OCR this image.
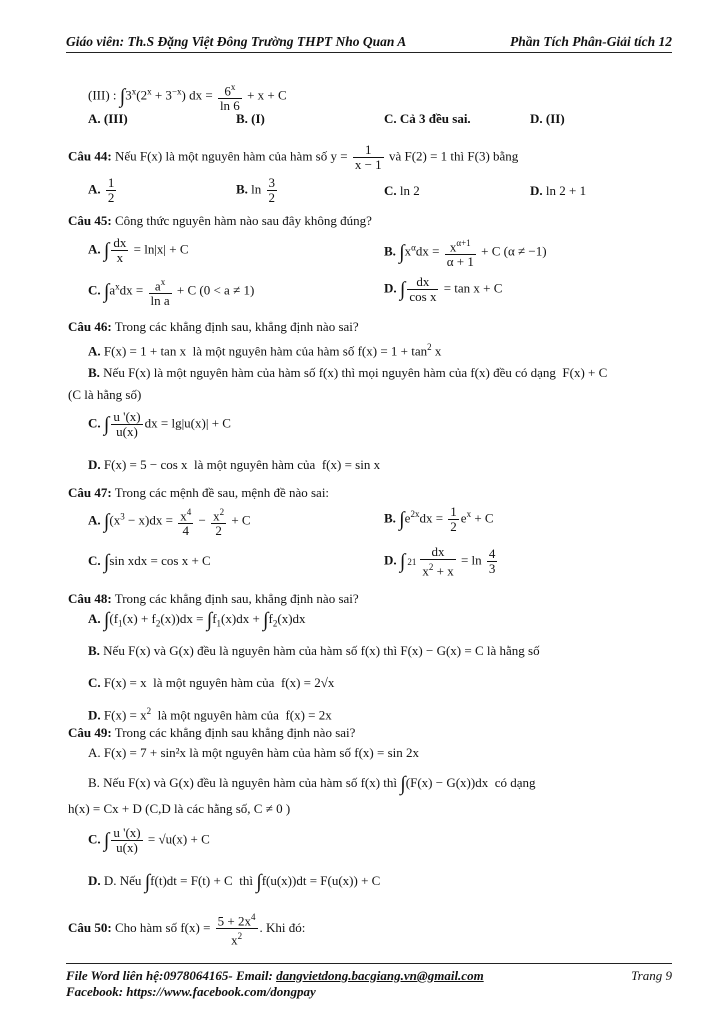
Giáo viên: Th.S Đặng Việt Đông Trường THPT Nho Quan A	Phần Tích Phân-Giải tích 12
(III) : $\int 3^x(2^x + 3^{-x})$ dx = $\frac{6^x}{\ln 6} + x + C$
A. (III)	B. (I)	C. Cả 3 đều sai.	D. (II)
Câu 44: Nếu F(x) là một nguyên hàm của hàm số $y = \frac{1}{x - 1}$ và F(2) = 1 thì F(3) bằng
A. $\frac{1}{2}$	B. $\ln \frac{3}{2}$	C. ln 2	D. ln 2 + 1
Câu 45: Công thức nguyên hàm nào sau đây không đúng?
A. ∫ $\frac{dx}{x} = \ln|x| + C$	B. $\int x^\alpha dx = \frac{x^{\alpha+1}}{\alpha + 1} + C$ (α ≠ −1)
C. $\int a^xdx = \frac{a^x}{\text{ln a}} + C$ (0 < a ≠ 1)	D. ∫ $\frac{dx}{\text{cos x}} = \tan x + C$
Câu 46: Trong các khẳng định sau, khẳng định nào sai?
A. F(x) = 1 + tan x  là một nguyên hàm của hàm số $f(x) = 1 + \tan^2 x$
B. Nếu F(x) là một nguyên hàm của hàm số f(x) thì mọi nguyên hàm của f(x) đều có dạng  F(x) + C
(C là hằng số)
C. ∫ $\frac{u '(x)}{u(x)}$ dx = lg|u(x)| + C
D. F(x) = 5 − cos x  là một nguyên hàm của  f(x) = sin x
Câu 47: Trong các mệnh đề sau, mệnh đề nào sai:
A. $\int(x^3 - x)dx = \frac{x^4}{4} - \frac{x^2}{2} + C$	B. $\int e^{2x}dx = \frac{1}{2} e^x + C$
C. ∫sin xdx = cos x + C	D. ∫ $21 \frac{dx}{x^2 + x} = \ln \frac{4}{3}$
Câu 48: Trong các khẳng định sau, khẳng định nào sai?
A. $\int(f_1(x) + f_2(x))dx = \int f_1(x)dx + \int f_2(x)dx$
B. Nếu F(x) và G(x) đều là nguyên hàm của hàm số f(x) thì F(x) − G(x) = C là hằng số
C. F(x) = x  là một nguyên hàm của  f(x) = 2√x
D. $F(x) = x^2$ là một nguyên hàm của  f(x) = 2x
Câu 49: Trong các khẳng định sau khẳng định nào sai?
A. F(x) = 7 + sin²x là một nguyên hàm của hàm số f(x) = sin 2x
B. Nếu F(x) và G(x) đều là nguyên hàm của hàm số f(x) thì ∫(F(x) − G(x))dx  có dạng
h(x) = Cx + D (C,D là các hằng số, C ≠ 0 )
C. ∫ $\frac{u '(x)}{u(x)} = √u(x) + C$
D. D. Nếu ∫f(t)dt = F(t) + C  thì ∫f(u(x))dt = F(u(x)) + C
Câu 50: Cho hàm số $f(x) = \frac{5 + 2x^4}{x^2}$ . Khi đó:
File Word liên hệ:0978064165- Email: dangvietdong.bacgiang.vn@gmail.com
Facebook: https://www.facebook.com/dongpay
Trang 9
